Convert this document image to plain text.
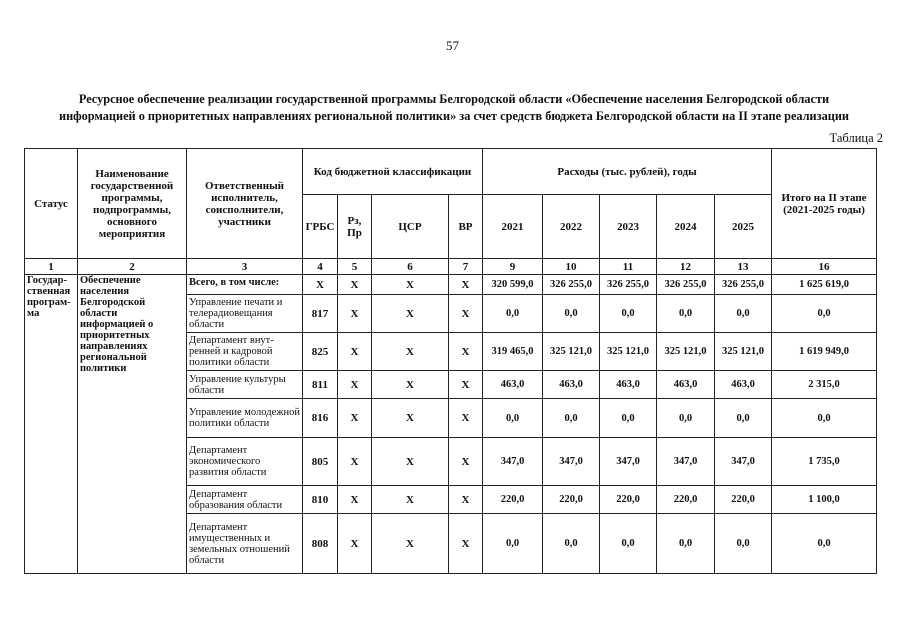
57
Ресурсное обеспечение реализации государственной программы Белгородской области «Обеспечение населения Белгородской области
информацией о приоритетных направлениях региональной политики» за счет средств бюджета Белгородской области на II этапе реализации
Таблица 2
Статус	Наименование государственной программы, подпрограммы, основного мероприятия	Ответственный исполнитель, соисполнители, участники	Код бюджетной классификации				Расходы (тыс. рублей), годы					Итого на II этапе (2021-2025 годы)
			ГРБС	Рз, Пр	ЦСР	ВР	2021	2022	2023	2024	2025	
1	2	3	4	5	6	7	9	10	11	12	13	16
Государ-ственная програм-ма	Обеспечение населения Белгородской области информацией о приоритетных направлениях региональной политики	Всего, в том числе:	Х	Х	Х	Х	320 599,0	326 255,0	326 255,0	326 255,0	326 255,0	1 625 619,0
		Управление печати и телерадиовещания области	817	Х	Х	Х	0,0	0,0	0,0	0,0	0,0	0,0
		Департамент внут-ренней и кадровой политики области	825	Х	Х	Х	319 465,0	325 121,0	325 121,0	325 121,0	325 121,0	1 619 949,0
		Управление культуры области	811	Х	Х	Х	463,0	463,0	463,0	463,0	463,0	2 315,0
		Управление молодежной политики области	816	Х	Х	Х	0,0	0,0	0,0	0,0	0,0	0,0
		Департамент экономического развития области	805	Х	Х	Х	347,0	347,0	347,0	347,0	347,0	1 735,0
		Департамент образования области	810	Х	Х	Х	220,0	220,0	220,0	220,0	220,0	1 100,0
		Департамент имущественных и земельных отношений области	808	Х	Х	Х	0,0	0,0	0,0	0,0	0,0	0,0
